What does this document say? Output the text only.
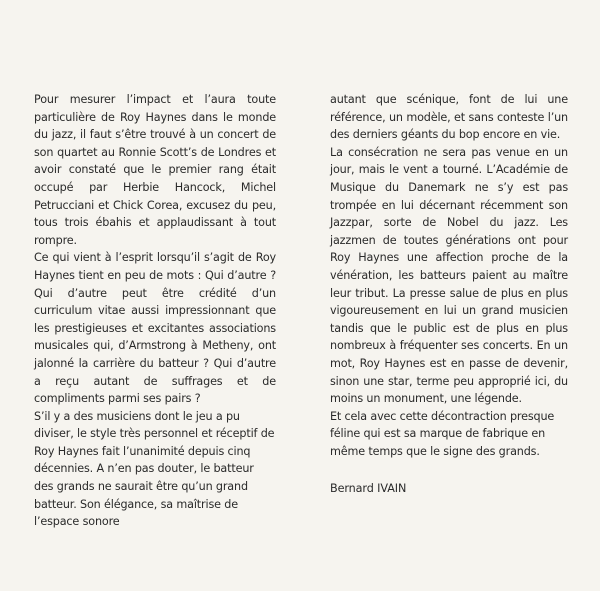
Pour mesurer l’impact et l’aura toute particulière de Roy Haynes dans le monde du jazz, il faut s’être trouvé à un concert de son quartet au Ronnie Scott’s de Londres et avoir constaté que le premier rang était occupé par Herbie Hancock, Michel Petrucciani et Chick Corea, excusez du peu, tous trois ébahis et applaudissant à tout rompre.

Ce qui vient à l’esprit lorsqu’il s’agit de Roy Haynes tient en peu de mots : Qui d’autre ? Qui d’autre peut être crédité d’un curriculum vitae aussi impressionnant que les prestigieuses et excitantes associations musicales qui, d’Armstrong à Metheny, ont jalonné la carrière du batteur ? Qui d’autre a reçu autant de suffrages et de compliments parmi ses pairs ?

S’il y a des musiciens dont le jeu a pu diviser, le style très personnel et réceptif de Roy Haynes fait l’unanimité depuis cinq décennies. A n’en pas douter, le batteur des grands ne saurait être qu’un grand batteur. Son élégance, sa maîtrise de l’espace sonore

autant que scénique, font de lui une référence, un modèle, et sans conteste l’un des derniers géants du bop encore en vie.

La consécration ne sera pas venue en un jour, mais le vent a tourné. L’Académie de Musique du Danemark ne s’y est pas trompée en lui décernant récemment son Jazzpar, sorte de Nobel du jazz. Les jazzmen de toutes générations ont pour Roy Haynes une affection proche de la vénération, les batteurs paient au maître leur tribut. La presse salue de plus en plus vigoureusement en lui un grand musicien tandis que le public est de plus en plus nombreux à fréquenter ses concerts. En un mot, Roy Haynes est en passe de devenir, sinon une star, terme peu approprié ici, du moins un monument, une légende.

Et cela avec cette décontraction presque féline qui est sa marque de fabrique en même temps que le signe des grands.

Bernard IVAIN
